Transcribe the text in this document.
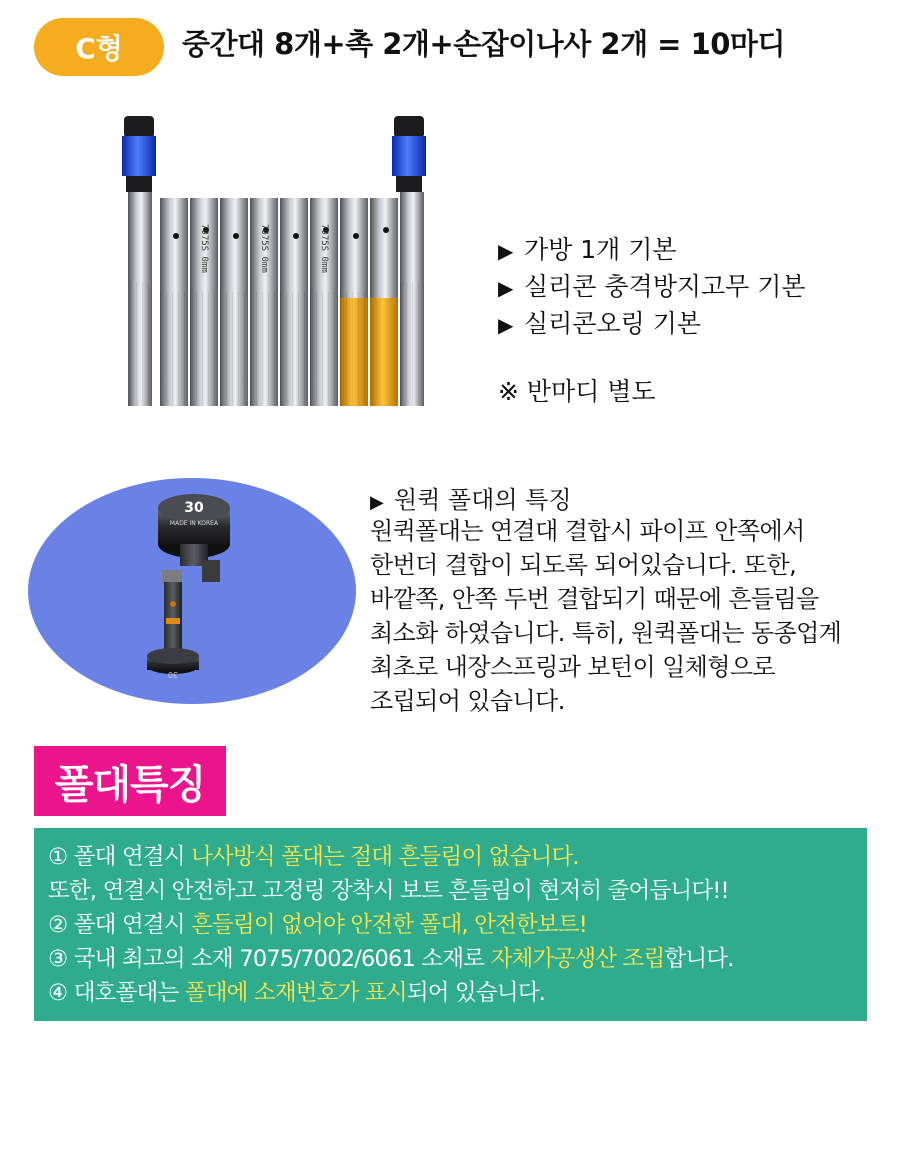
C형	중간대 8개+촉 2개+손잡이나사 2개 = 10마디
7075S 0mm	7075S 0mm	7075S 0mm	▶ 가방 1개 기본
▶ 실리콘 충격방지고무 기본
▶ 실리콘오링 기본
※ 반마디 별도
30
MADE IN KOREA
30
▶ 원퀵 폴대의 특징
원퀵폴대는 연결대 결합시 파이프 안쪽에서
한번더 결합이 되도록 되어있습니다. 또한,
바깥쪽, 안쪽 두번 결합되기 때문에 흔들림을
최소화 하였습니다. 특히, 원퀵폴대는 동종업계
최초로 내장스프링과 보턴이 일체형으로
조립되어 있습니다.
폴대특징
① 폴대 연결시 나사방식 폴대는 절대 흔들림이 없습니다.
또한, 연결시 안전하고 고정링 장착시 보트 흔들림이 현저히 줄어듭니다!!
② 폴대 연결시 흔들림이 없어야 안전한 폴대, 안전한보트!
③ 국내 최고의 소재 7075/7002/6061 소재로 자체가공생산 조립합니다.
④ 대호폴대는 폴대에 소재번호가 표시되어 있습니다.
